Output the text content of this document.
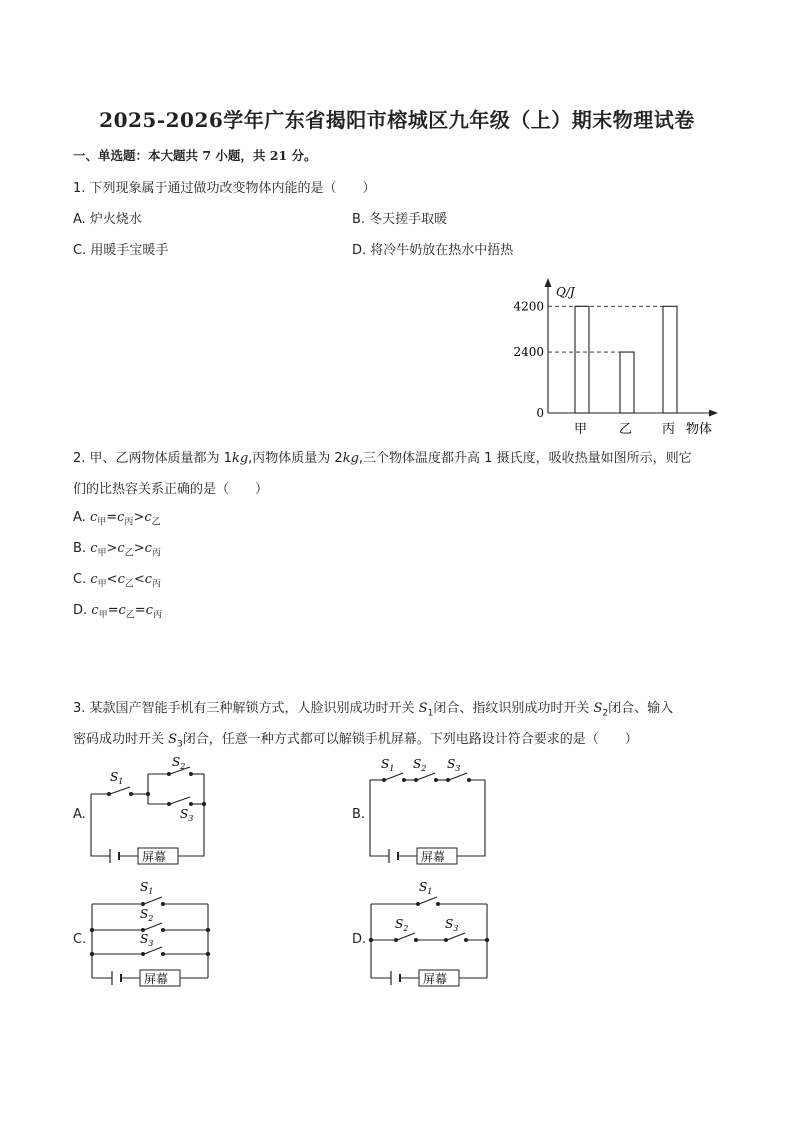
2025-2026学年广东省揭阳市榕城区九年级（上）期末物理试卷
一、单选题：本大题共 7 小题，共 21 分。
1. 下列现象属于通过做功改变物体内能的是（　　）
A. 炉火烧水	B. 冬天搓手取暖
C. 用暖手宝暖手	D. 将冷牛奶放在热水中捂热
Q/J
物体
甲 乙 丙
4200
2400
0
2. 甲、乙两物体质量都为 1kg,丙物体质量为 2kg,三个物体温度都升高 1 摄氏度，吸收热量如图所示，则它
们的比热容关系正确的是（　　）
A. $c_甲=c_丙>c_乙$
B. $c_甲>c_乙>c_丙$
C. $c_甲<c_乙<c_丙$
D. $c_甲=c_乙=c_丙$
3. 某款国产智能手机有三种解锁方式，人脸识别成功时开关 $S_1$闭合、指纹识别成功时开关 $S_2$闭合、输入
密码成功时开关 $S_3$闭合，任意一种方式都可以解锁手机屏幕。下列电路设计符合要求的是（　　）
A.
$S_1$
$S_2$
$S_3$
屏幕
B.
$S_1$ $S_2$ $S_3$
屏幕
C.
$S_1$
$S_2$
$S_3$
屏幕
D.
$S_1$
$S_2$	$S_3$
屏幕
